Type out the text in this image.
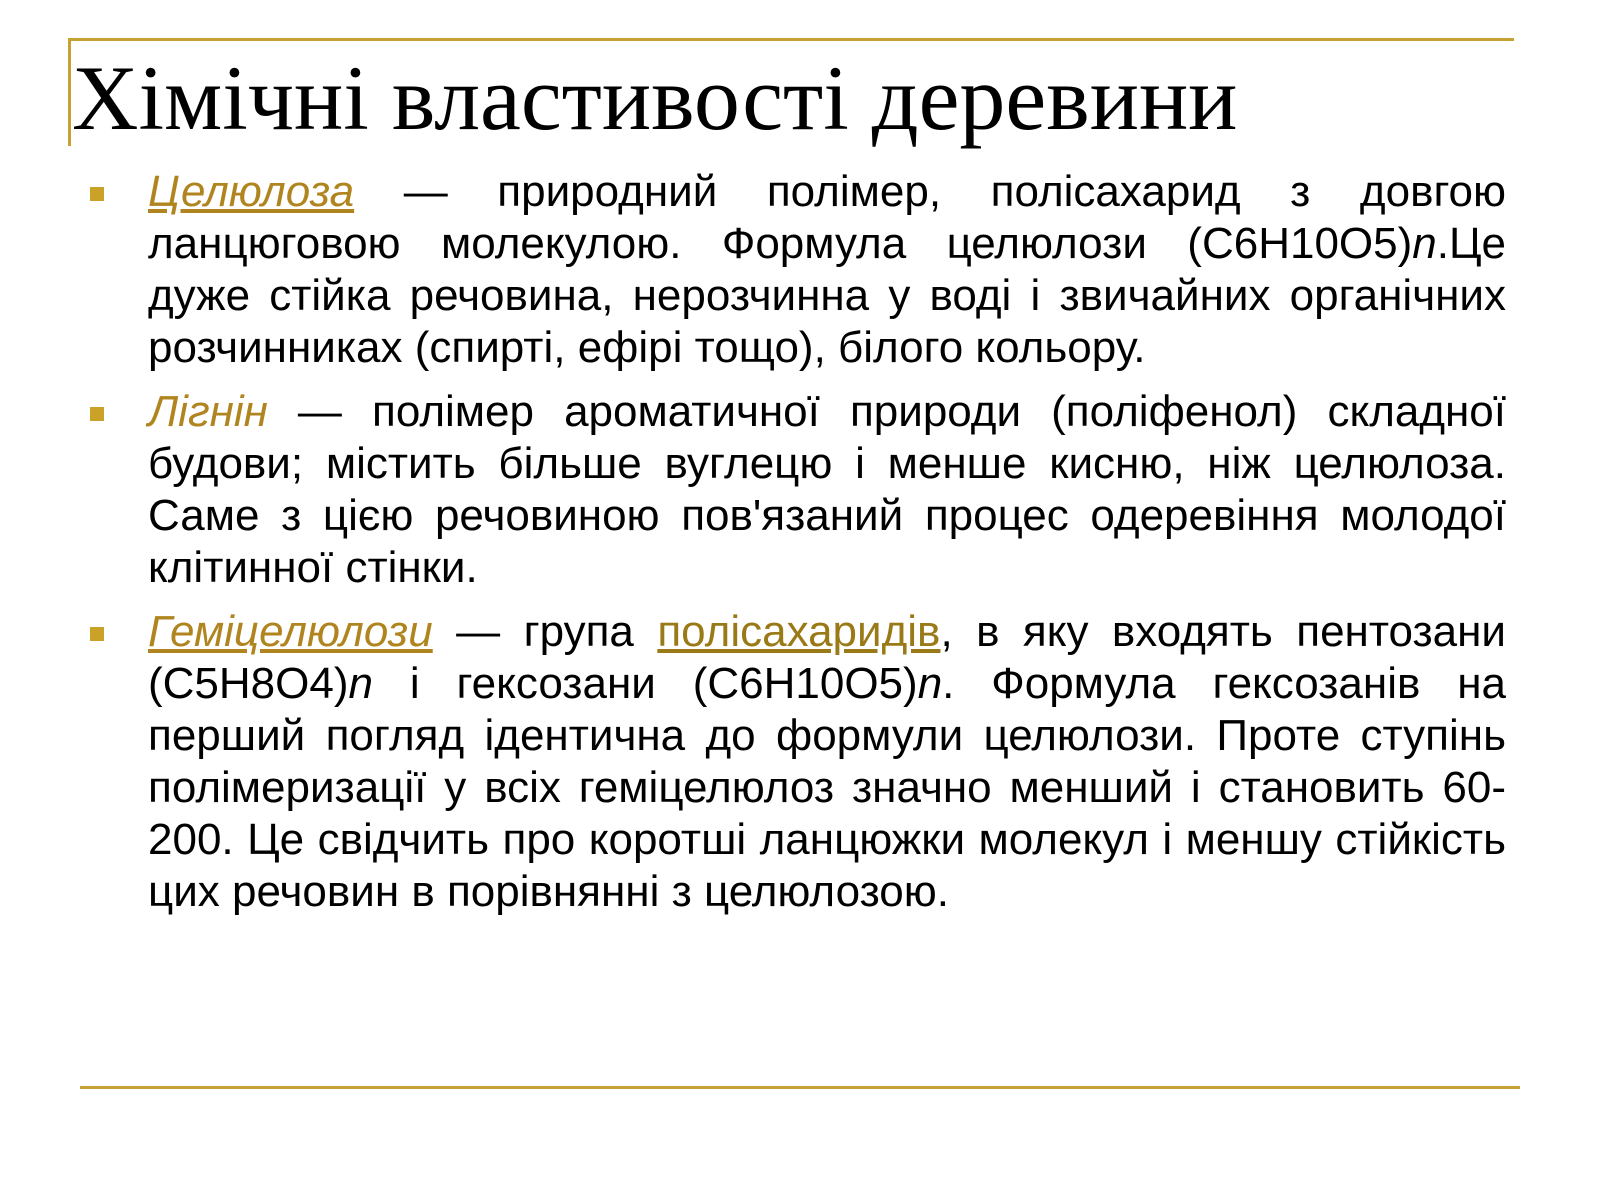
Хімічні властивості деревини
Целюлоза — природний полімер, полісахарид з довгою ланцюговою молекулою. Формула целюлози (C6H10O5)n.Це дуже стійка речовина, нерозчинна у воді і звичайних органічних розчинниках (спирті, ефірі тощо), білого кольору.
Лігнін — полімер ароматичної природи (поліфенол) складної будови; містить більше вуглецю і менше кисню, ніж целюлоза. Саме з цією речовиною пов'язаний процес одеревіння молодої клітинної стінки.
Геміцелюлози — група полісахаридів, в яку входять пентозани (C5H8O4)n і гексозани (C6H10O5)n. Формула гексозанів на перший погляд ідентична до формули целюлози. Проте ступінь полімеризації у всіх геміцелюлоз значно менший і становить 60-200. Це свідчить про коротші ланцюжки молекул і меншу стійкість цих речовин в порівнянні з целюлозою.
